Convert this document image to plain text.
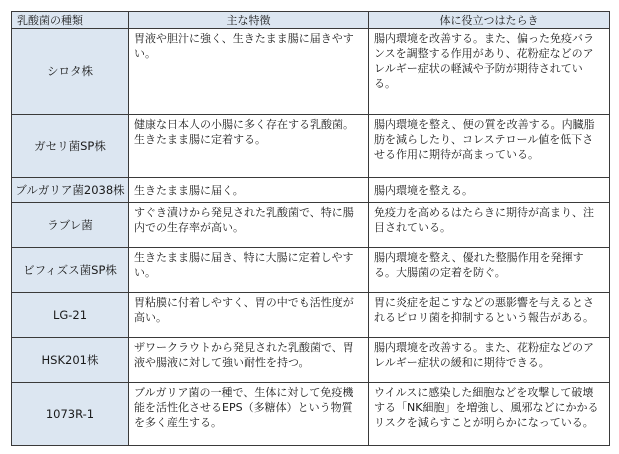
乳酸菌の種類	主な特徴	体に役立つはたらき
シロタ株	胃液や胆汁に強く、生きたまま腸に届きやすい。	腸内環境を改善する。また、偏った免疫バランスを調整する作用があり、花粉症などのアレルギー症状の軽減や予防が期待されている。
ガセリ菌SP株	健康な日本人の小腸に多く存在する乳酸菌。生きたまま腸に定着する。	腸内環境を整え、便の質を改善する。内臓脂肪を減らしたり、コレステロール値を低下させる作用に期待が高まっている。
ブルガリア菌2038株	生きたまま腸に届く。	腸内環境を整える。
ラブレ菌	すぐき漬けから発見された乳酸菌で、特に腸内での生存率が高い。	免疫力を高めるはたらきに期待が高まり、注目されている。
ビフィズス菌SP株	生きたまま腸に届き、特に大腸に定着しやすい。	腸内環境を整え、優れた整腸作用を発揮する。大腸菌の定着を防ぐ。
LG-21	胃粘膜に付着しやすく、胃の中でも活性度が高い。	胃に炎症を起こすなどの悪影響を与えるとされるピロリ菌を抑制するという報告がある。
HSK201株	ザワークラウトから発見された乳酸菌で、胃液や腸液に対して強い耐性を持つ。	腸内環境を改善する。また、花粉症などのアレルギー症状の緩和に期待できる。
1073R-1	ブルガリア菌の一種で、生体に対して免疫機能を活性化させるEPS（多糖体）という物質を多く産生する。	ウイルスに感染した細胞などを攻撃して破壊する「NK細胞」を増強し、風邪などにかかるリスクを減らすことが明らかになっている。
